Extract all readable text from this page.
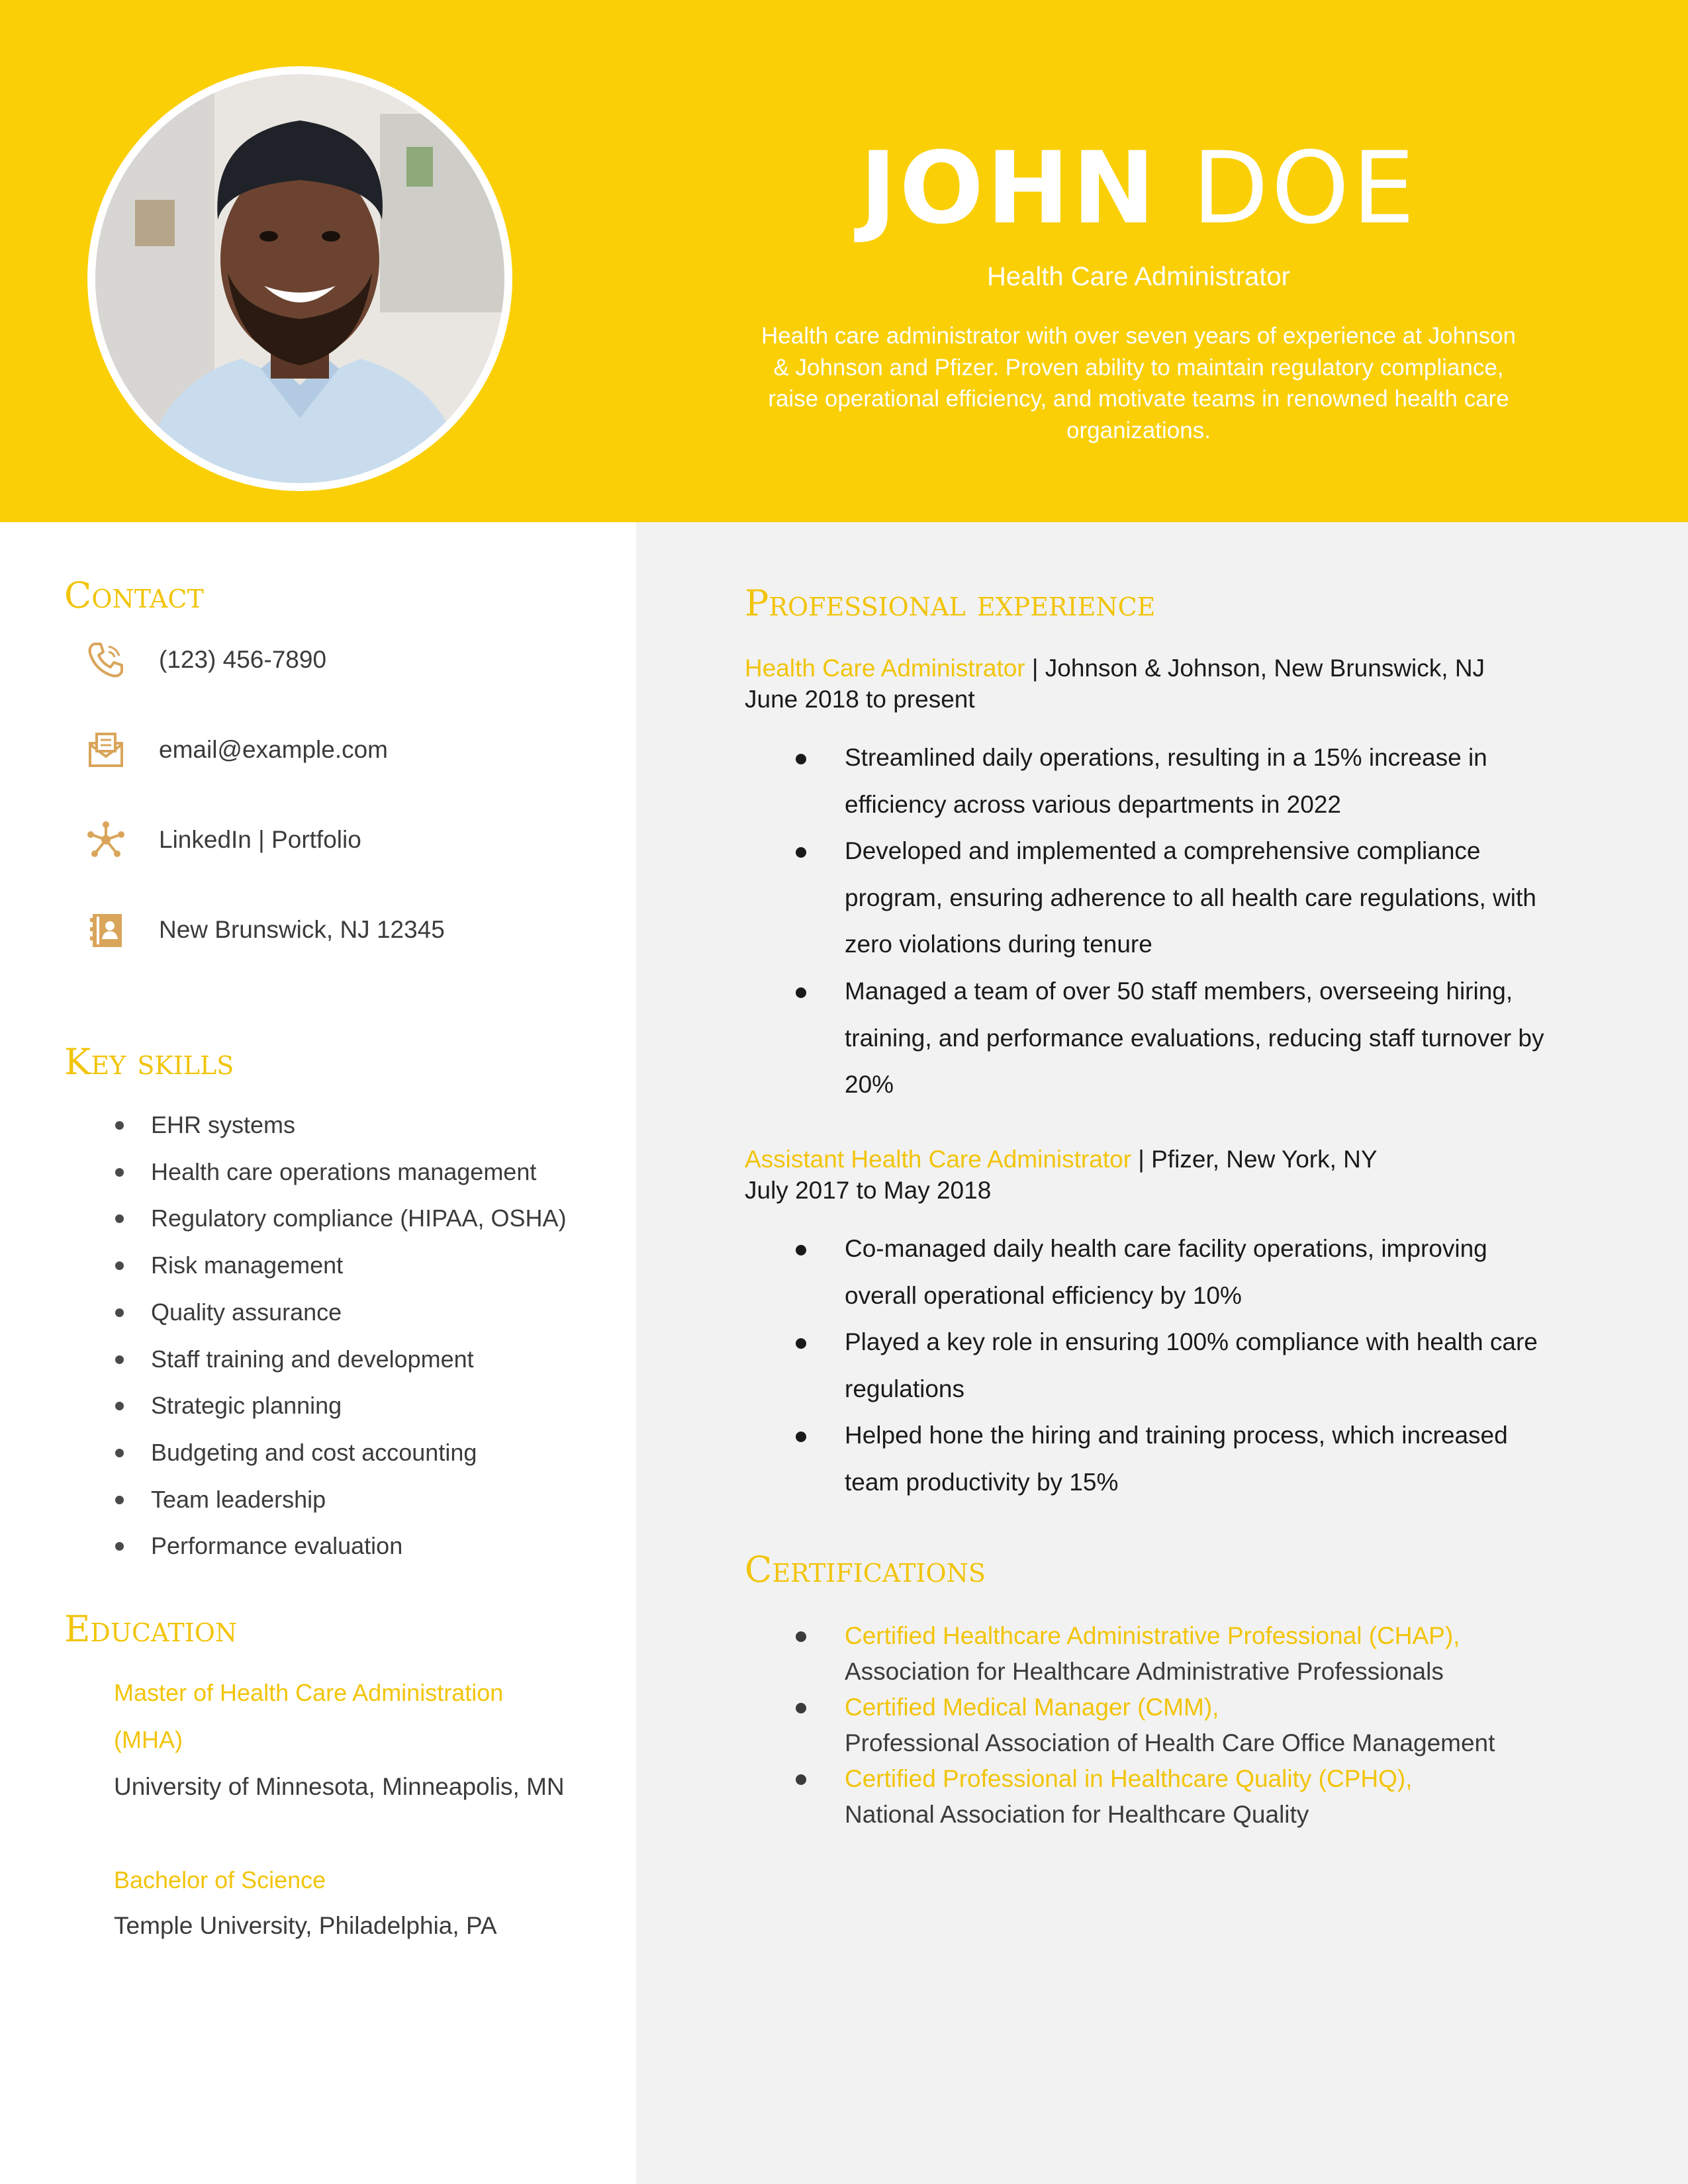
JOHN DOE
Health Care Administrator
Health care administrator with over seven years of experience at Johnson & Johnson and Pfizer. Proven ability to maintain regulatory compliance, raise operational efficiency, and motivate teams in renowned health care organizations.
Contact
(123) 456-7890
email@example.com
LinkedIn | Portfolio
New Brunswick, NJ 12345
Key skills
EHR systems
Health care operations management
Regulatory compliance (HIPAA, OSHA)
Risk management
Quality assurance
Staff training and development
Strategic planning
Budgeting and cost accounting
Team leadership
Performance evaluation
Education
Master of Health Care Administration (MHA)
University of Minnesota, Minneapolis, MN
Bachelor of Science
Temple University, Philadelphia, PA
Professional experience
Health Care Administrator | Johnson & Johnson, New Brunswick, NJ
June 2018 to present
Streamlined daily operations, resulting in a 15% increase in efficiency across various departments in 2022
Developed and implemented a comprehensive compliance program, ensuring adherence to all health care regulations, with zero violations during tenure
Managed a team of over 50 staff members, overseeing hiring, training, and performance evaluations, reducing staff turnover by 20%
Assistant Health Care Administrator | Pfizer, New York, NY
July 2017 to May 2018
Co-managed daily health care facility operations, improving overall operational efficiency by 10%
Played a key role in ensuring 100% compliance with health care regulations
Helped hone the hiring and training process, which increased team productivity by 15%
Certifications
Certified Healthcare Administrative Professional (CHAP),
Association for Healthcare Administrative Professionals
Certified Medical Manager (CMM),
Professional Association of Health Care Office Management
Certified Professional in Healthcare Quality (CPHQ),
National Association for Healthcare Quality
